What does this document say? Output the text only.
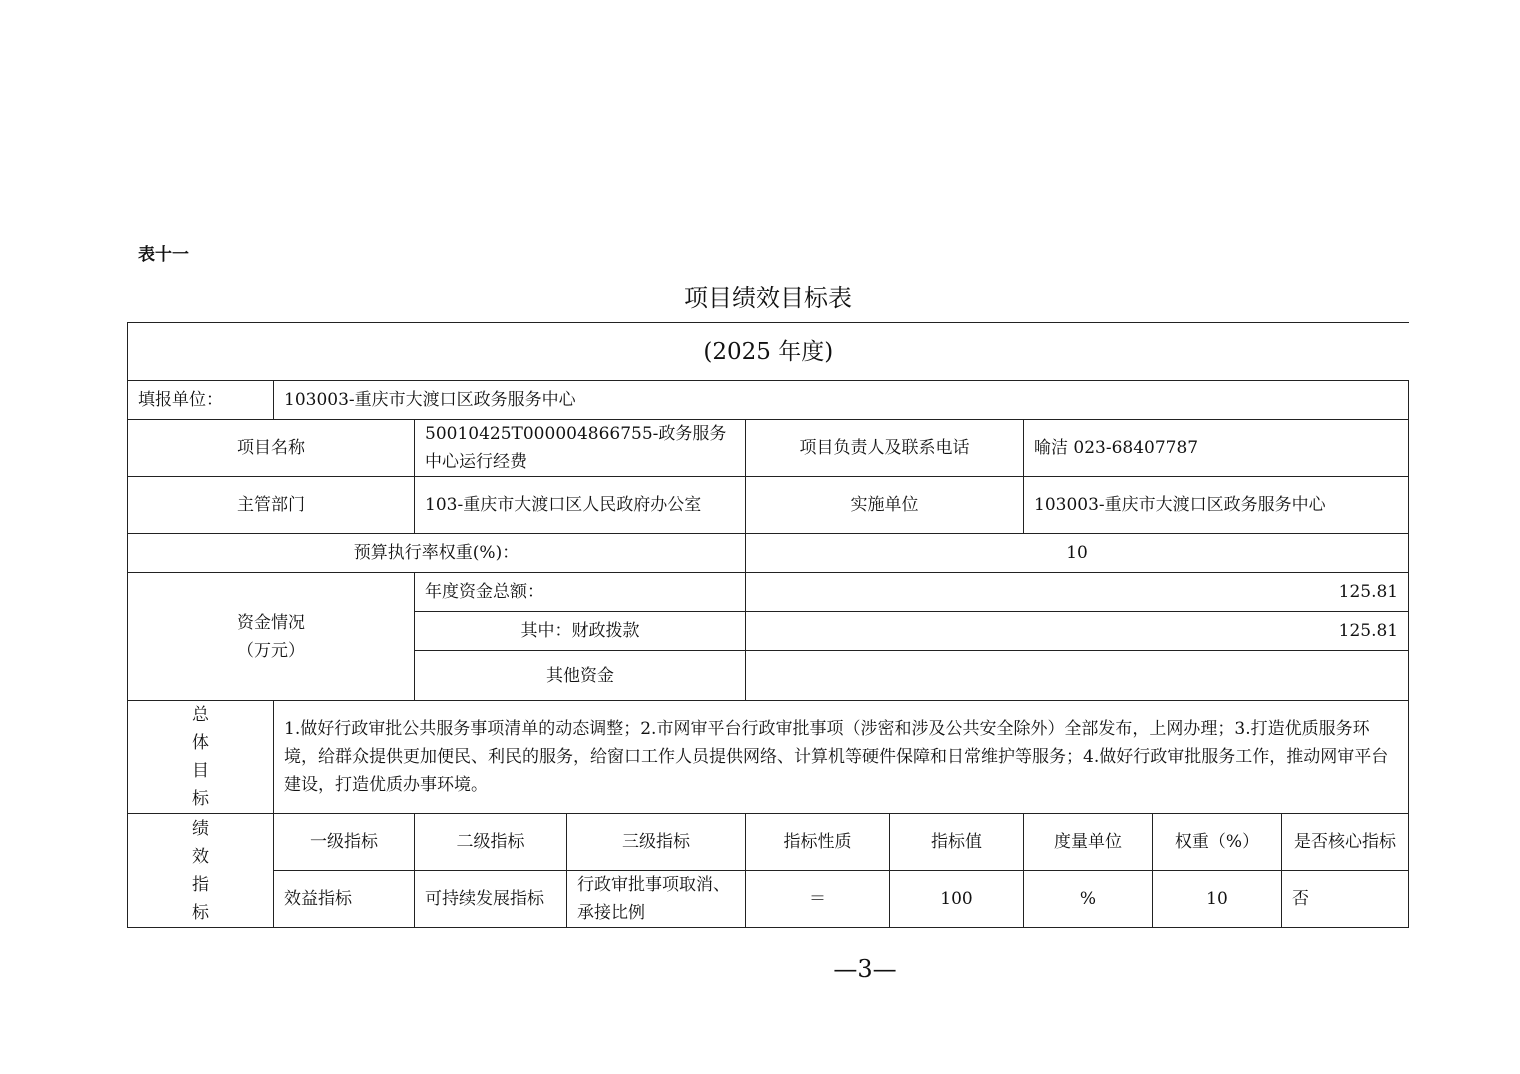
表十一
项目绩效目标表
(2025 年度)								
填报单位：	103003-重庆市大渡口区政务服务中心							
项目名称		50010425T000004866755-政务服务中心运行经费		项目负责人及联系电话		喻洁 023-68407787		
主管部门		103-重庆市大渡口区人民政府办公室		实施单位		103003-重庆市大渡口区政务服务中心		
预算执行率权重(%)：				10				

资金情况
（万元）		年度资金总额：		125.81				
		其中：财政拨款		125.81				
		其他资金						

总
体
目
标	1.做好行政审批公共服务事项清单的动态调整；2.市网审平台行政审批事项（涉密和涉及公共安全除外）全部发布，上网办理；3.打造优质服务环境，给群众提供更加便民、利民的服务，给窗口工作人员提供网络、计算机等硬件保障和日常维护等服务；4.做好行政审批服务工作，推动网审平台建设，打造优质办事环境。							

绩
效
指
标	一级指标	二级指标	三级指标	指标性质	指标值	度量单位	权重（%）	是否核心指标
	效益指标	可持续发展指标	行政审批事项取消、承接比例	＝	100	%	10	否
—3—
